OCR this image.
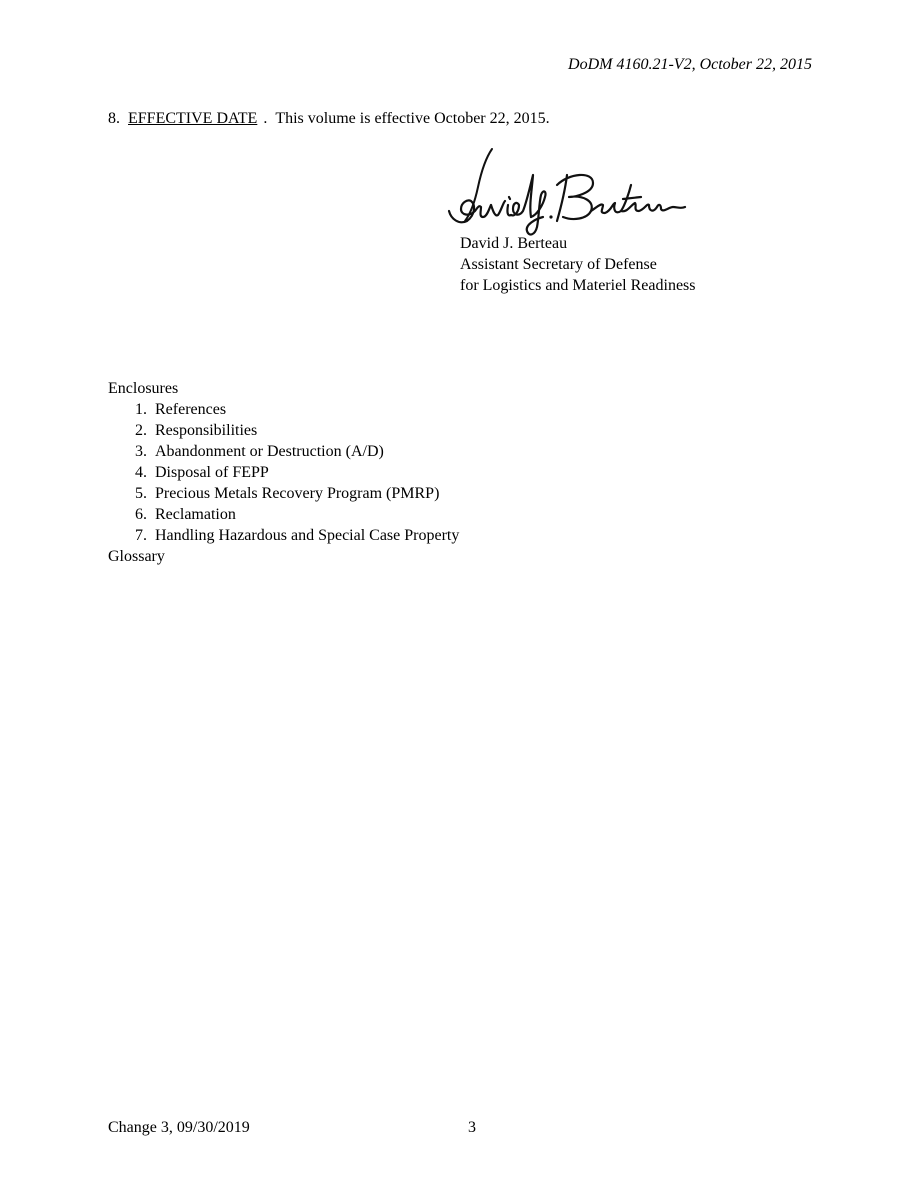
DoDM 4160.21-V2, October 22, 2015
8. EFFECTIVE DATE . This volume is effective October 22, 2015.
David J. Berteau
Assistant Secretary of Defense
for Logistics and Materiel Readiness
Enclosures
1. References
2. Responsibilities
3. Abandonment or Destruction (A/D)
4. Disposal of FEPP
5. Precious Metals Recovery Program (PMRP)
6. Reclamation
7. Handling Hazardous and Special Case Property
Glossary
Change 3, 09/30/2019	3
